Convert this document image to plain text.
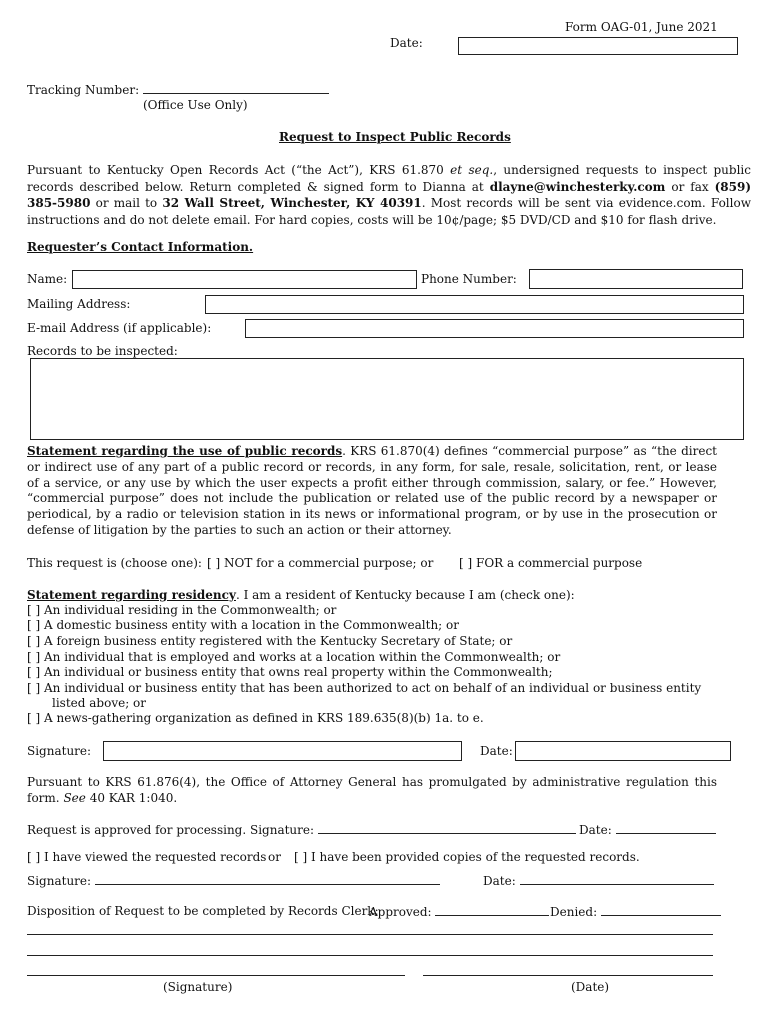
Form OAG-01, June 2021
Date:
Tracking Number:
(Office Use Only)
Request to Inspect Public Records
Pursuant to Kentucky Open Records Act (“the Act”), KRS 61.870 et seq., undersigned requests to inspect public records described below. Return completed & signed form to Dianna at dlayne@winchesterky.com or fax (859) 385-5980 or mail to 32 Wall Street, Winchester, KY 40391. Most records will be sent via evidence.com. Follow instructions and do not delete email. For hard copies, costs will be 10¢/page; $5 DVD/CD and $10 for flash drive.
Requester’s Contact Information.
Name:	Phone Number:
Mailing Address:
E-mail Address (if applicable):
Records to be inspected:
Statement regarding the use of public records. KRS 61.870(4) defines “commercial purpose” as “the direct or indirect use of any part of a public record or records, in any form, for sale, resale, solicitation, rent, or lease of a service, or any use by which the user expects a profit either through commission, salary, or fee.” However, “commercial purpose” does not include the publication or related use of the public record by a newspaper or periodical, by a radio or television station in its news or informational program, or by use in the prosecution or defense of litigation by the parties to such an action or their attorney.
This request is (choose one): [ ] NOT for a commercial purpose; or [ ] FOR a commercial purpose
Statement regarding residency. I am a resident of Kentucky because I am (check one):
[ ] An individual residing in the Commonwealth; or
[ ] A domestic business entity with a location in the Commonwealth; or
[ ] A foreign business entity registered with the Kentucky Secretary of State; or
[ ] An individual that is employed and works at a location within the Commonwealth; or
[ ] An individual or business entity that owns real property within the Commonwealth;
[ ] An individual or business entity that has been authorized to act on behalf of an individual or business entity
listed above; or
[ ] A news-gathering organization as defined in KRS 189.635(8)(b) 1a. to e.
Signature:	Date:
Pursuant to KRS 61.876(4), the Office of Attorney General has promulgated by administrative regulation this form. See 40 KAR 1:040.
Request is approved for processing. Signature:	Date:
[ ] I have viewed the requested records or [ ] I have been provided copies of the requested records.
Signature:	Date:
Disposition of Request to be completed by Records Clerk:
Approved:	Denied:
(Signature)	(Date)
